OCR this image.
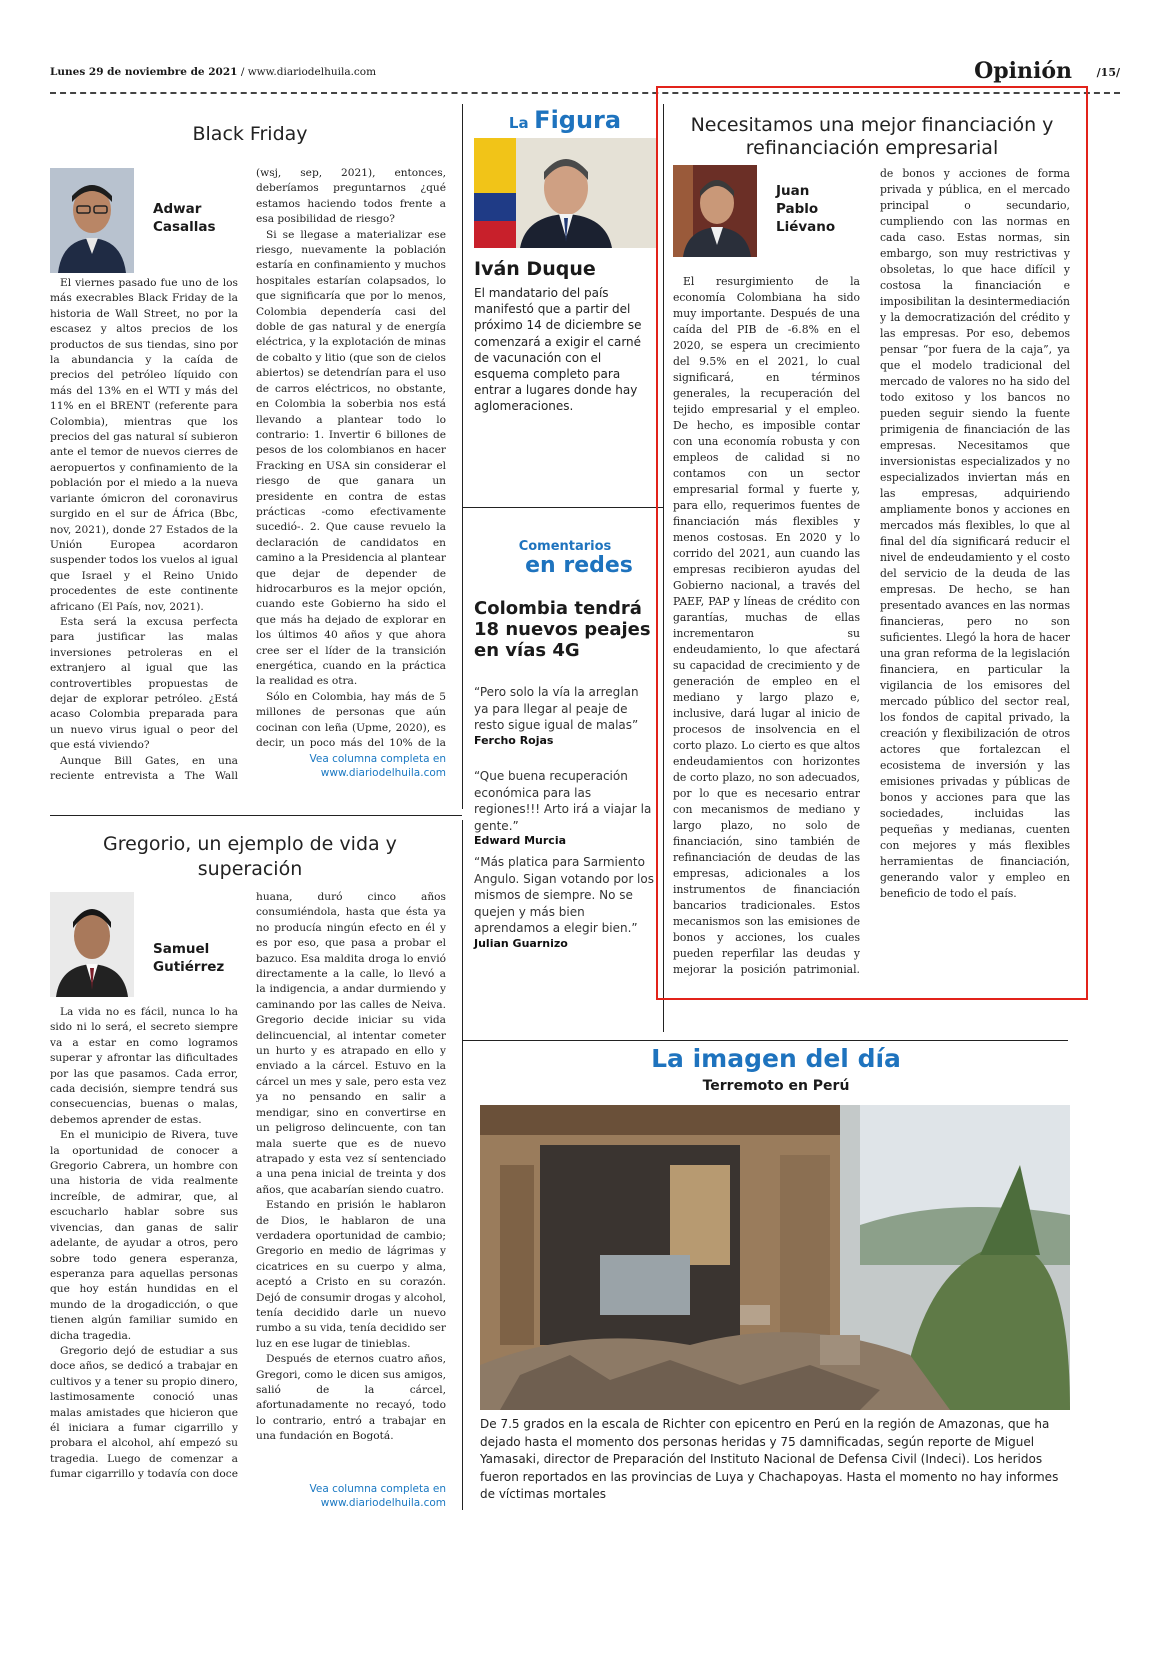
Lunes 29 de noviembre de 2021 / www.diariodelhuila.com	Opinión /15/
Black Friday
Adwar
Casallas

El viernes pasado fue uno de los más execrables Black Friday de la historia de Wall Street, no por la escasez y altos precios de los productos de sus tiendas, sino por la abundancia y la caída de precios del petróleo líquido con más del 13% en el WTI y más del 11% en el BRENT (referente para Colombia), mientras que los precios del gas natural sí subieron ante el temor de nuevos cierres de aeropuertos y confinamiento de la población por el miedo a la nueva variante ómicron del coronavirus surgido en el sur de África (Bbc, nov, 2021), donde 27 Estados de la Unión Europea acordaron suspender todos los vuelos al igual que Israel y el Reino Unido procedentes de este continente africano (El País, nov, 2021).

Esta será la excusa perfecta para justificar las malas inversiones petroleras en el extranjero al igual que las controvertibles propuestas de dejar de explorar petróleo. ¿Está acaso Colombia preparada para un nuevo virus igual o peor del que está viviendo?

Aunque Bill Gates, en una reciente entrevista a The Wall

(wsj, sep, 2021), entonces, deberíamos preguntarnos ¿qué estamos haciendo todos frente a esa posibilidad de riesgo?

Si se llegase a materializar ese riesgo, nuevamente la población estaría en confinamiento y muchos hospitales estarían colapsados, lo que significaría que por lo menos, Colombia dependería casi del doble de gas natural y de energía eléctrica, y la explotación de minas de cobalto y litio (que son de cielos abiertos) se detendrían para el uso de carros eléctricos, no obstante, en Colombia la soberbia nos está llevando a plantear todo lo contrario: 1. Invertir 6 billones de pesos de los colombianos en hacer Fracking en USA sin considerar el riesgo de que ganara un presidente en contra de estas prácticas -como efectivamente sucedió-. 2. Que cause revuelo la declaración de candidatos en camino a la Presidencia al plantear que dejar de depender de hidrocarburos es la mejor opción, cuando este Gobierno ha sido el que más ha dejado de explorar en los últimos 40 años y que ahora cree ser el líder de la transición energética, cuando en la práctica la realidad es otra.

Sólo en Colombia, hay más de 5 millones de personas que aún cocinan con leña (Upme, 2020), es decir, un poco más del 10% de la

Vea columna completa en
www.diariodelhuila.com
Gregorio, un ejemplo de vida y superación
Samuel
Gutiérrez

La vida no es fácil, nunca lo ha sido ni lo será, el secreto siempre va a estar en como logramos superar y afrontar las dificultades por las que pasamos. Cada error, cada decisión, siempre tendrá sus consecuencias, buenas o malas, debemos aprender de estas.

En el municipio de Rivera, tuve la oportunidad de conocer a Gregorio Cabrera, un hombre con una historia de vida realmente increíble, de admirar, que, al escucharlo hablar sobre sus vivencias, dan ganas de salir adelante, de ayudar a otros, pero sobre todo genera esperanza, esperanza para aquellas personas que hoy están hundidas en el mundo de la drogadicción, o que tienen algún familiar sumido en dicha tragedia.

Gregorio dejó de estudiar a sus doce años, se dedicó a trabajar en cultivos y a tener su propio dinero, lastimosamente conoció unas malas amistades que hicieron que él iniciara a fumar cigarrillo y probara el alcohol, ahí empezó su tragedia. Luego de comenzar a fumar cigarrillo y todavía con doce

huana, duró cinco años consumiéndola, hasta que ésta ya no producía ningún efecto en él y es por eso, que pasa a probar el bazuco. Esa maldita droga lo envió directamente a la calle, lo llevó a la indigencia, a andar durmiendo y caminando por las calles de Neiva. Gregorio decide iniciar su vida delincuencial, al intentar cometer un hurto y es atrapado en ello y enviado a la cárcel. Estuvo en la cárcel un mes y sale, pero esta vez ya no pensando en salir a mendigar, sino en convertirse en un peligroso delincuente, con tan mala suerte que es de nuevo atrapado y esta vez sí sentenciado a una pena inicial de treinta y dos años, que acabarían siendo cuatro.

Estando en prisión le hablaron de Dios, le hablaron de una verdadera oportunidad de cambio; Gregorio en medio de lágrimas y cicatrices en su cuerpo y alma, aceptó a Cristo en su corazón. Dejó de consumir drogas y alcohol, tenía decidido darle un nuevo rumbo a su vida, tenía decidido ser luz en ese lugar de tinieblas.

Después de eternos cuatro años, Gregori, como le dicen sus amigos, salió de la cárcel, afortunadamente no recayó, todo lo contrario, entró a trabajar en una fundación en Bogotá.

Vea columna completa en
www.diariodelhuila.com
La Figura
Iván Duque
El mandatario del país manifestó que a partir del próximo 14 de diciembre se comenzará a exigir el carné de vacunación con el esquema completo para entrar a lugares donde hay aglomeraciones.
Comentarios
en redes
Colombia tendrá 18 nuevos peajes en vías 4G
“Pero solo la vía la arreglan ya para llegar al peaje de resto sigue igual de malas”
Fercho Rojas
“Que buena recuperación económica para las regiones!!! Arto irá a viajar la gente.”
Edward Murcia
“Más platica para Sarmiento Angulo. Sigan votando por los mismos de siempre. No se quejen y más bien aprendamos a elegir bien.”
Julian Guarnizo
Necesitamos una mejor financiación y refinanciación empresarial
Juan
Pablo
Liévano

El resurgimiento de la economía Colombiana ha sido muy importante. Después de una caída del PIB de -6.8% en el 2020, se espera un crecimiento del 9.5% en el 2021, lo cual significará, en términos generales, la recuperación del tejido empresarial y el empleo. De hecho, es imposible contar con una economía robusta y con empleos de calidad si no contamos con un sector empresarial formal y fuerte y, para ello, requerimos fuentes de financiación más flexibles y menos costosas. En 2020 y lo corrido del 2021, aun cuando las empresas recibieron ayudas del Gobierno nacional, a través del PAEF, PAP y líneas de crédito con garantías, muchas de ellas incrementaron su endeudamiento, lo que afectará su capacidad de crecimiento y de generación de empleo en el mediano y largo plazo e, inclusive, dará lugar al inicio de procesos de insolvencia en el corto plazo. Lo cierto es que altos endeudamientos con horizontes de corto plazo, no son adecuados, por lo que es necesario entrar con mecanismos de mediano y largo plazo, no solo de financiación, sino también de refinanciación de deudas de las empresas, adicionales a los instrumentos de financiación bancarios tradicionales. Estos mecanismos son las emisiones de bonos y acciones, los cuales pueden reperfilar las deudas y mejorar la posición patrimonial.

de bonos y acciones de forma privada y pública, en el mercado principal o secundario, cumpliendo con las normas en cada caso. Estas normas, sin embargo, son muy restrictivas y obsoletas, lo que hace difícil y costosa la financiación e imposibilitan la desintermediación y la democratización del crédito y las empresas. Por eso, debemos pensar “por fuera de la caja”, ya que el modelo tradicional del mercado de valores no ha sido del todo exitoso y los bancos no pueden seguir siendo la fuente primigenia de financiación de las empresas. Necesitamos que inversionistas especializados y no especializados inviertan más en las empresas, adquiriendo ampliamente bonos y acciones en mercados más flexibles, lo que al final del día significará reducir el nivel de endeudamiento y el costo del servicio de la deuda de las empresas. De hecho, se han presentado avances en las normas financieras, pero no son suficientes. Llegó la hora de hacer una gran reforma de la legislación financiera, en particular la vigilancia de los emisores del mercado público del sector real, los fondos de capital privado, la creación y flexibilización de otros actores que fortalezcan el ecosistema de inversión y las emisiones privadas y públicas de bonos y acciones para que las sociedades, incluidas las pequeñas y medianas, cuenten con mejores y más flexibles herramientas de financiación, generando valor y empleo en beneficio de todo el país.

La imagen del día
Terremoto en Perú
De 7.5 grados en la escala de Richter con epicentro en Perú en la región de Amazonas, que ha dejado hasta el momento dos personas heridas y 75 damnificadas, según reporte de Miguel Yamasaki, director de Preparación del Instituto Nacional de Defensa Civil (Indeci). Los heridos fueron reportados en las provincias de Luya y Chachapoyas. Hasta el momento no hay informes de víctimas mortales
